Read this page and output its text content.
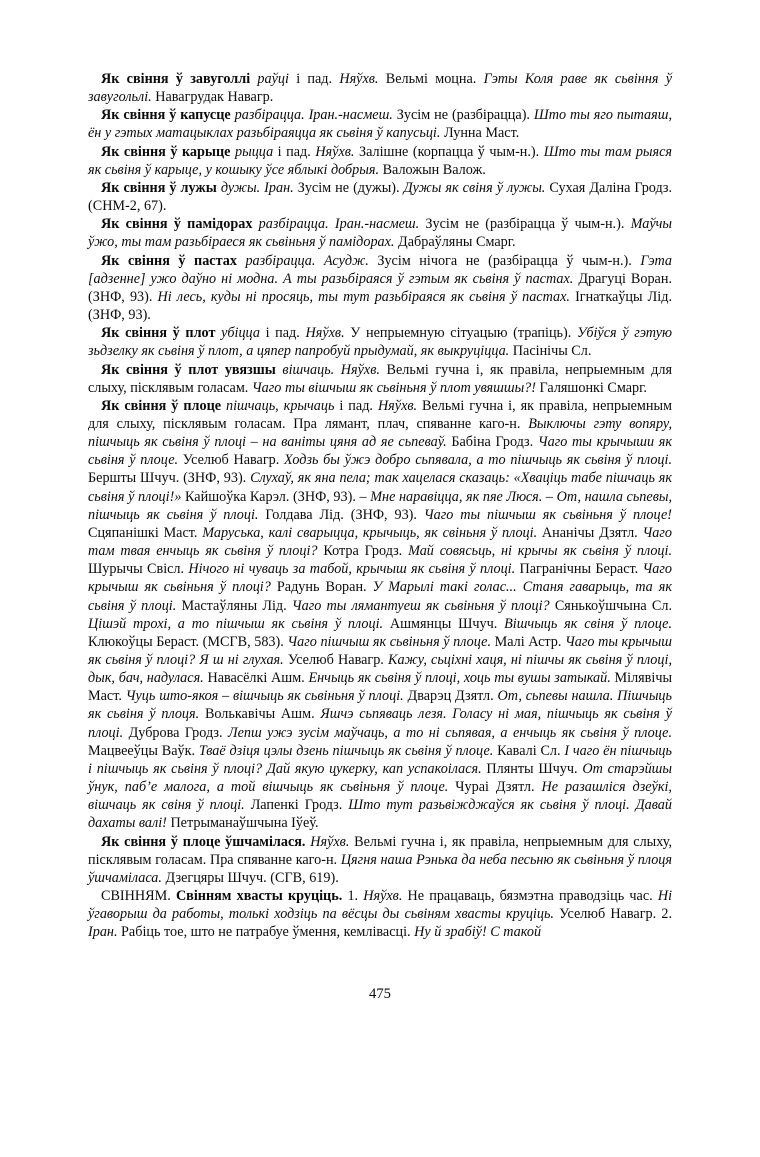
Як свіння ў завуголлі раўці і пад. Няўхв. Вельмі моцна. Гэты Коля раве як сьвіння ў завугольлі. Навагрудак Навагр.

Як свіння ў капусце разбірацца. Іран.-насмеш. Зусім не (разбірацца). Што ты яго пытаяш, ён у гэтых матацыклах разьбіраяцца як сьвіня ў капусьці. Лунна Маст.

Як свіння ў карыце рыцца і пад. Няўхв. Залішне (корпацца ў чым-н.). Што ты там рыяся як сьвіня ў карыце, у кошыку ўсе яблыкі добрыя. Валожын Валож.

Як свіння ў лужы дужы. Іран. Зусім не (дужы). Дужы як свіня ў лужы. Сухая Даліна Гродз. (СНМ-2, 67).

Як свіння ў памідорах разбірацца. Іран.-насмеш. Зусім не (разбірацца ў чым-н.). Маўчы ўжо, ты там разьбіраеся як сьвіньня ў памідорах. Дабраўляны Смарг.

Як свіння ў пастах разбірацца. Асудж. Зусім нічога не (разбірацца ў чым-н.). Гэта [адзенне] ужо даўно ні модна. А ты разьбіраяся ў гэтым як сьвіня ў пастах. Драгуці Воран. (ЗНФ, 93). Ні лесь, куды ні просяць, ты тут разьбіраяся як сьвіня ў пастах. Ігнаткаўцы Лід. (ЗНФ, 93).

Як свіння ў плот убіцца і пад. Няўхв. У непрыемную сітуацыю (трапіць). Убіўся ў гэтую зьдзелку як сьвіня ў плот, а цяпер папробуй прыдумай, як выкруціцца. Пасінічы Сл.

Як свіння ў плот увязшы вішчаць. Няўхв. Вельмі гучна і, як правіла, непрыемным для слыху, пісклявым голасам. Чаго ты вішчыш як сьвіньня ў плот увяшшы?! Галяшонкі Смарг.

Як свіння ў плоце пішчаць, крычаць і пад. Няўхв. Вельмі гучна і, як правіла, непрыемным для слыху, пісклявым голасам. Пра лямант, плач, спяванне каго-н. Выключы гэту вопяру, пішчыць як сьвіня ў плоці – на ваніты цяня ад яе сьпеваў. Бабіна Гродз. Чаго ты крычыши як сьвіня ў плоце. Уселюб Навагр. Ходзь бы ўжэ добро сьпявала, а то пішчыць як сьвіня ў плоці. Бершты Шчуч. (ЗНФ, 93). Слухаў, як яна пела; так хацелася сказаць: «Хваціць табе пішчаць як сьвіня ў плоці!» Кайшоўка Карэл. (ЗНФ, 93). – Мне наравіцца, як пяе Люся. – От, нашла сьпевы, пішчыць як сьвіня ў плоці. Голдава Лід. (ЗНФ, 93). Чаго ты пішчыш як сьвіньня ў плоце! Сцяпанішкі Маст. Маруська, калі сварыцца, крычыць, як свіньня ў плоці. Ананічы Дзятл. Чаго там твая енчыць як сьвіня ў плоці? Котра Гродз. Май совясьць, ні крычы як сьвіня ў плоці. Шурычы Свісл. Нічого ні чуваць за табой, крычыш як сьвіня ў плоці. Пагранічны Бераст. Чаго крычыш як сьвіньня ў плоці? Радунь Воран. У Марылі такі голас... Станя гаварыць, та як сьвіня ў плоці. Мастаўляны Лід. Чаго ты лямантуеш як сьвіньня ў плоці? Сянькоўшчына Сл. Цішэй трохі, а то пішчыш як сьвіня ў плоці. Ашмянцы Шчуч. Вішчыць як свіня ў плоце. Клюкоўцы Бераст. (МСГВ, 583). Чаго пішчыш як сьвіньня ў плоце. Малі Астр. Чаго ты крычыш як сьвіня ў плоці? Я ш ні глухая. Уселюб Навагр. Кажу, сьціхні хаця, ні пішчы як сьвіня ў плоці, дык, бач, надулася. Навасёлкі Ашм. Енчыць як сьвіня ў плоці, хоць ты вушы затыкай. Мілявічы Маст. Чуць што-якоя – вішчыць як сьвіньня ў плоці. Дварэц Дзятл. От, сьпевы нашла. Пішчыць як сьвіня ў плоця. Волькавічы Ашм. Яшчэ сьпяваць лезя. Голасу ні мая, пішчыць як сьвіня ў плоці. Дуброва Гродз. Лепш ужэ зусім маўчаць, а то ні сьпявая, а енчыць як сьвіня ў плоце. Мацвееўцы Ваўк. Тваё дзіця цэлы дзень пішчыць як сьвіня ў плоце. Кавалі Сл. І чаго ён пішчыць і пішчыць як сьвіня ў плоці? Дай якую цукерку, кап успакоілася. Плянты Шчуч. От старэйшы ўнук, паб’е малога, а той вішчыць як сьвіньня ў плоце. Чураі Дзятл. Не разашліся дзеўкі, вішчаць як свіня ў плоці. Лапенкі Гродз. Што тут разьвіжджаўся як сьвіня ў плоці. Давай дахаты валі! Петрыманаўшчына Іўеў.

Як свіння ў плоце ўшчамілася. Няўхв. Вельмі гучна і, як правіла, непрыемным для слыху, пісклявым голасам. Пра спяванне каго-н. Цягня наша Рэнька да неба песьню як сьвіньня ў плоця ўшчаміласа. Дзегцяры Шчуч. (СГВ, 619).

СВІННЯМ. Свінням хвасты круціць. 1. Няўхв. Не працаваць, бязмэтна праводзіць час. Ні ўгаворыш да работы, толькі ходзіць па вёсцы ды сьвіням хвасты круціць. Уселюб Навагр. 2. Іран. Рабіць тое, што не патрабуе ўмення, кемлівасці. Ну й зрабіў! С такой

475
